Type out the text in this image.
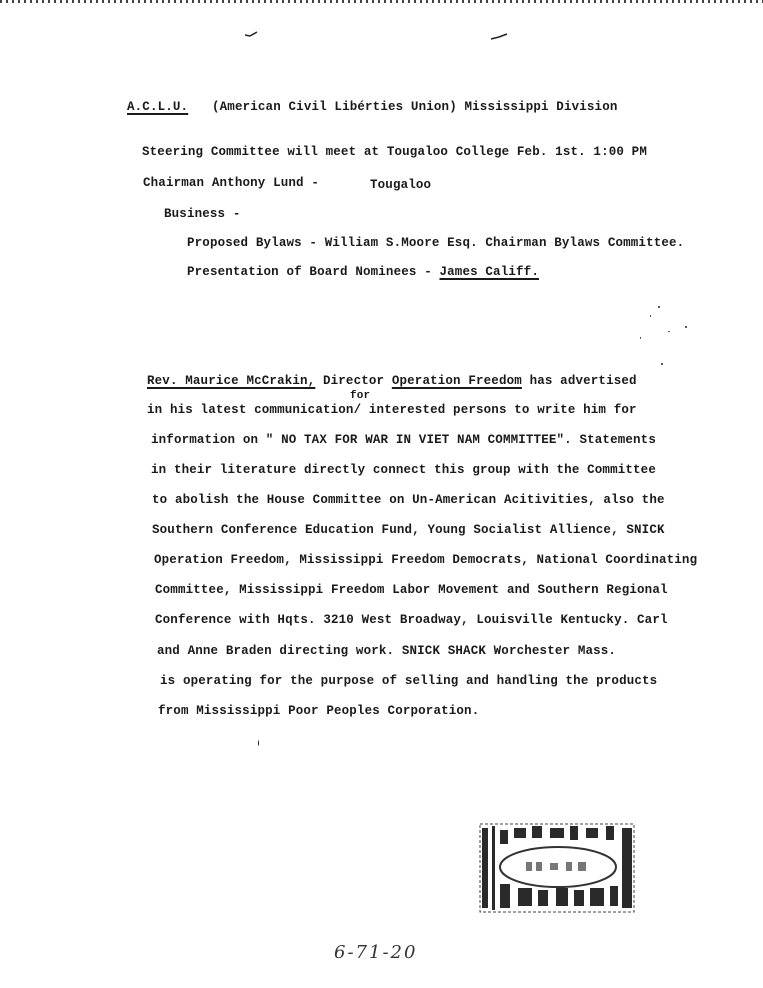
A.C.L.U. (American Civil Libérties Union) Mississippi Division
Steering Committee will meet at Tougaloo College Feb. 1st. 1:00 PM
Chairman Anthony Lund -	Tougaloo
Business -
Proposed Bylaws - William S.Moore Esq. Chairman Bylaws Committee.
Presentation of Board Nominees - James Califf.
Rev. Maurice McCrakin, Director Operation Freedom has advertised
for
in his latest communication/ interested persons to write him for
information on " NO TAX FOR WAR IN VIET NAM COMMITTEE". Statements
in their literature directly connect this group with the Committee
to abolish the House Committee on Un-American Acitivities, also the
Southern Conference Education Fund, Young Socialist Allience, SNICK
Operation Freedom, Mississippi Freedom Democrats, National Coordinating
Committee, Mississippi Freedom Labor Movement and Southern Regional
Conference with Hqts. 3210 West Broadway, Louisville Kentucky. Carl
and Anne Braden directing work. SNICK SHACK Worchester Mass.
is operating for the purpose of selling and handling the products
from Mississippi Poor Peoples Corporation.
6-71-20
